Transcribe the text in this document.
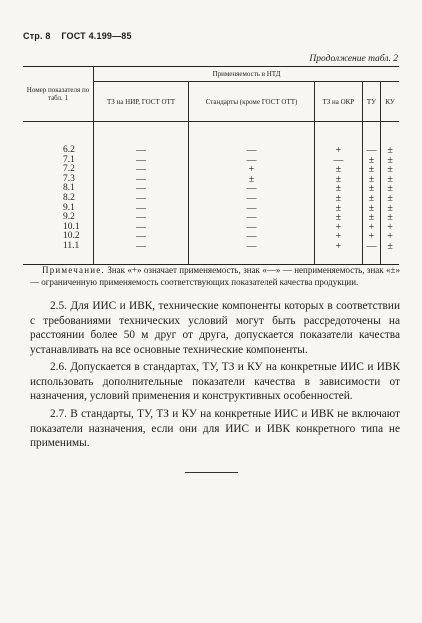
Стр. 8 ГОСТ 4.199—85
Продолжение табл. 2
Номер показателя по табл. 1	Применяемость в НТД				
	ТЗ на НИР, ГОСТ ОТТ	Стандарты (кроме ГОСТ ОТТ)	ТЗ на ОКР	ТУ	КУ

6.2	—	—	+	—	±
7.1	—	—	—	±	±
7.2	—	+	±	±	±
7.3	—	±	±	±	±
8.1	—	—	±	±	±
8.2	—	—	±	±	±
9.1	—	—	±	±	±
9.2	—	—	±	±	±
10.1	—	—	+	+	+
10.2	—	—	+	+	+
11.1	—	—	+	—	±

Примечание. Знак «+» означает применяемость, знак «—» — неприменяемость, знак «±» — ограниченную применяемость соответствующих показателей качества продукции.
2.5. Для ИИС и ИВК, технические компоненты которых в соответствии с требованиями технических условий могут быть рассредоточены на расстоянии более 50 м друг от друга, допускается показатели качества устанавливать на все основные технические компоненты.
2.6. Допускается в стандартах, ТУ, ТЗ и КУ на конкретные ИИС и ИВК использовать дополнительные показатели качества в зависимости от назначения, условий применения и конструктивных особенностей.
2.7. В стандарты, ТУ, ТЗ и КУ на конкретные ИИС и ИВК не включают показатели назначения, если они для ИИС и ИВК конкретного типа не применимы.
